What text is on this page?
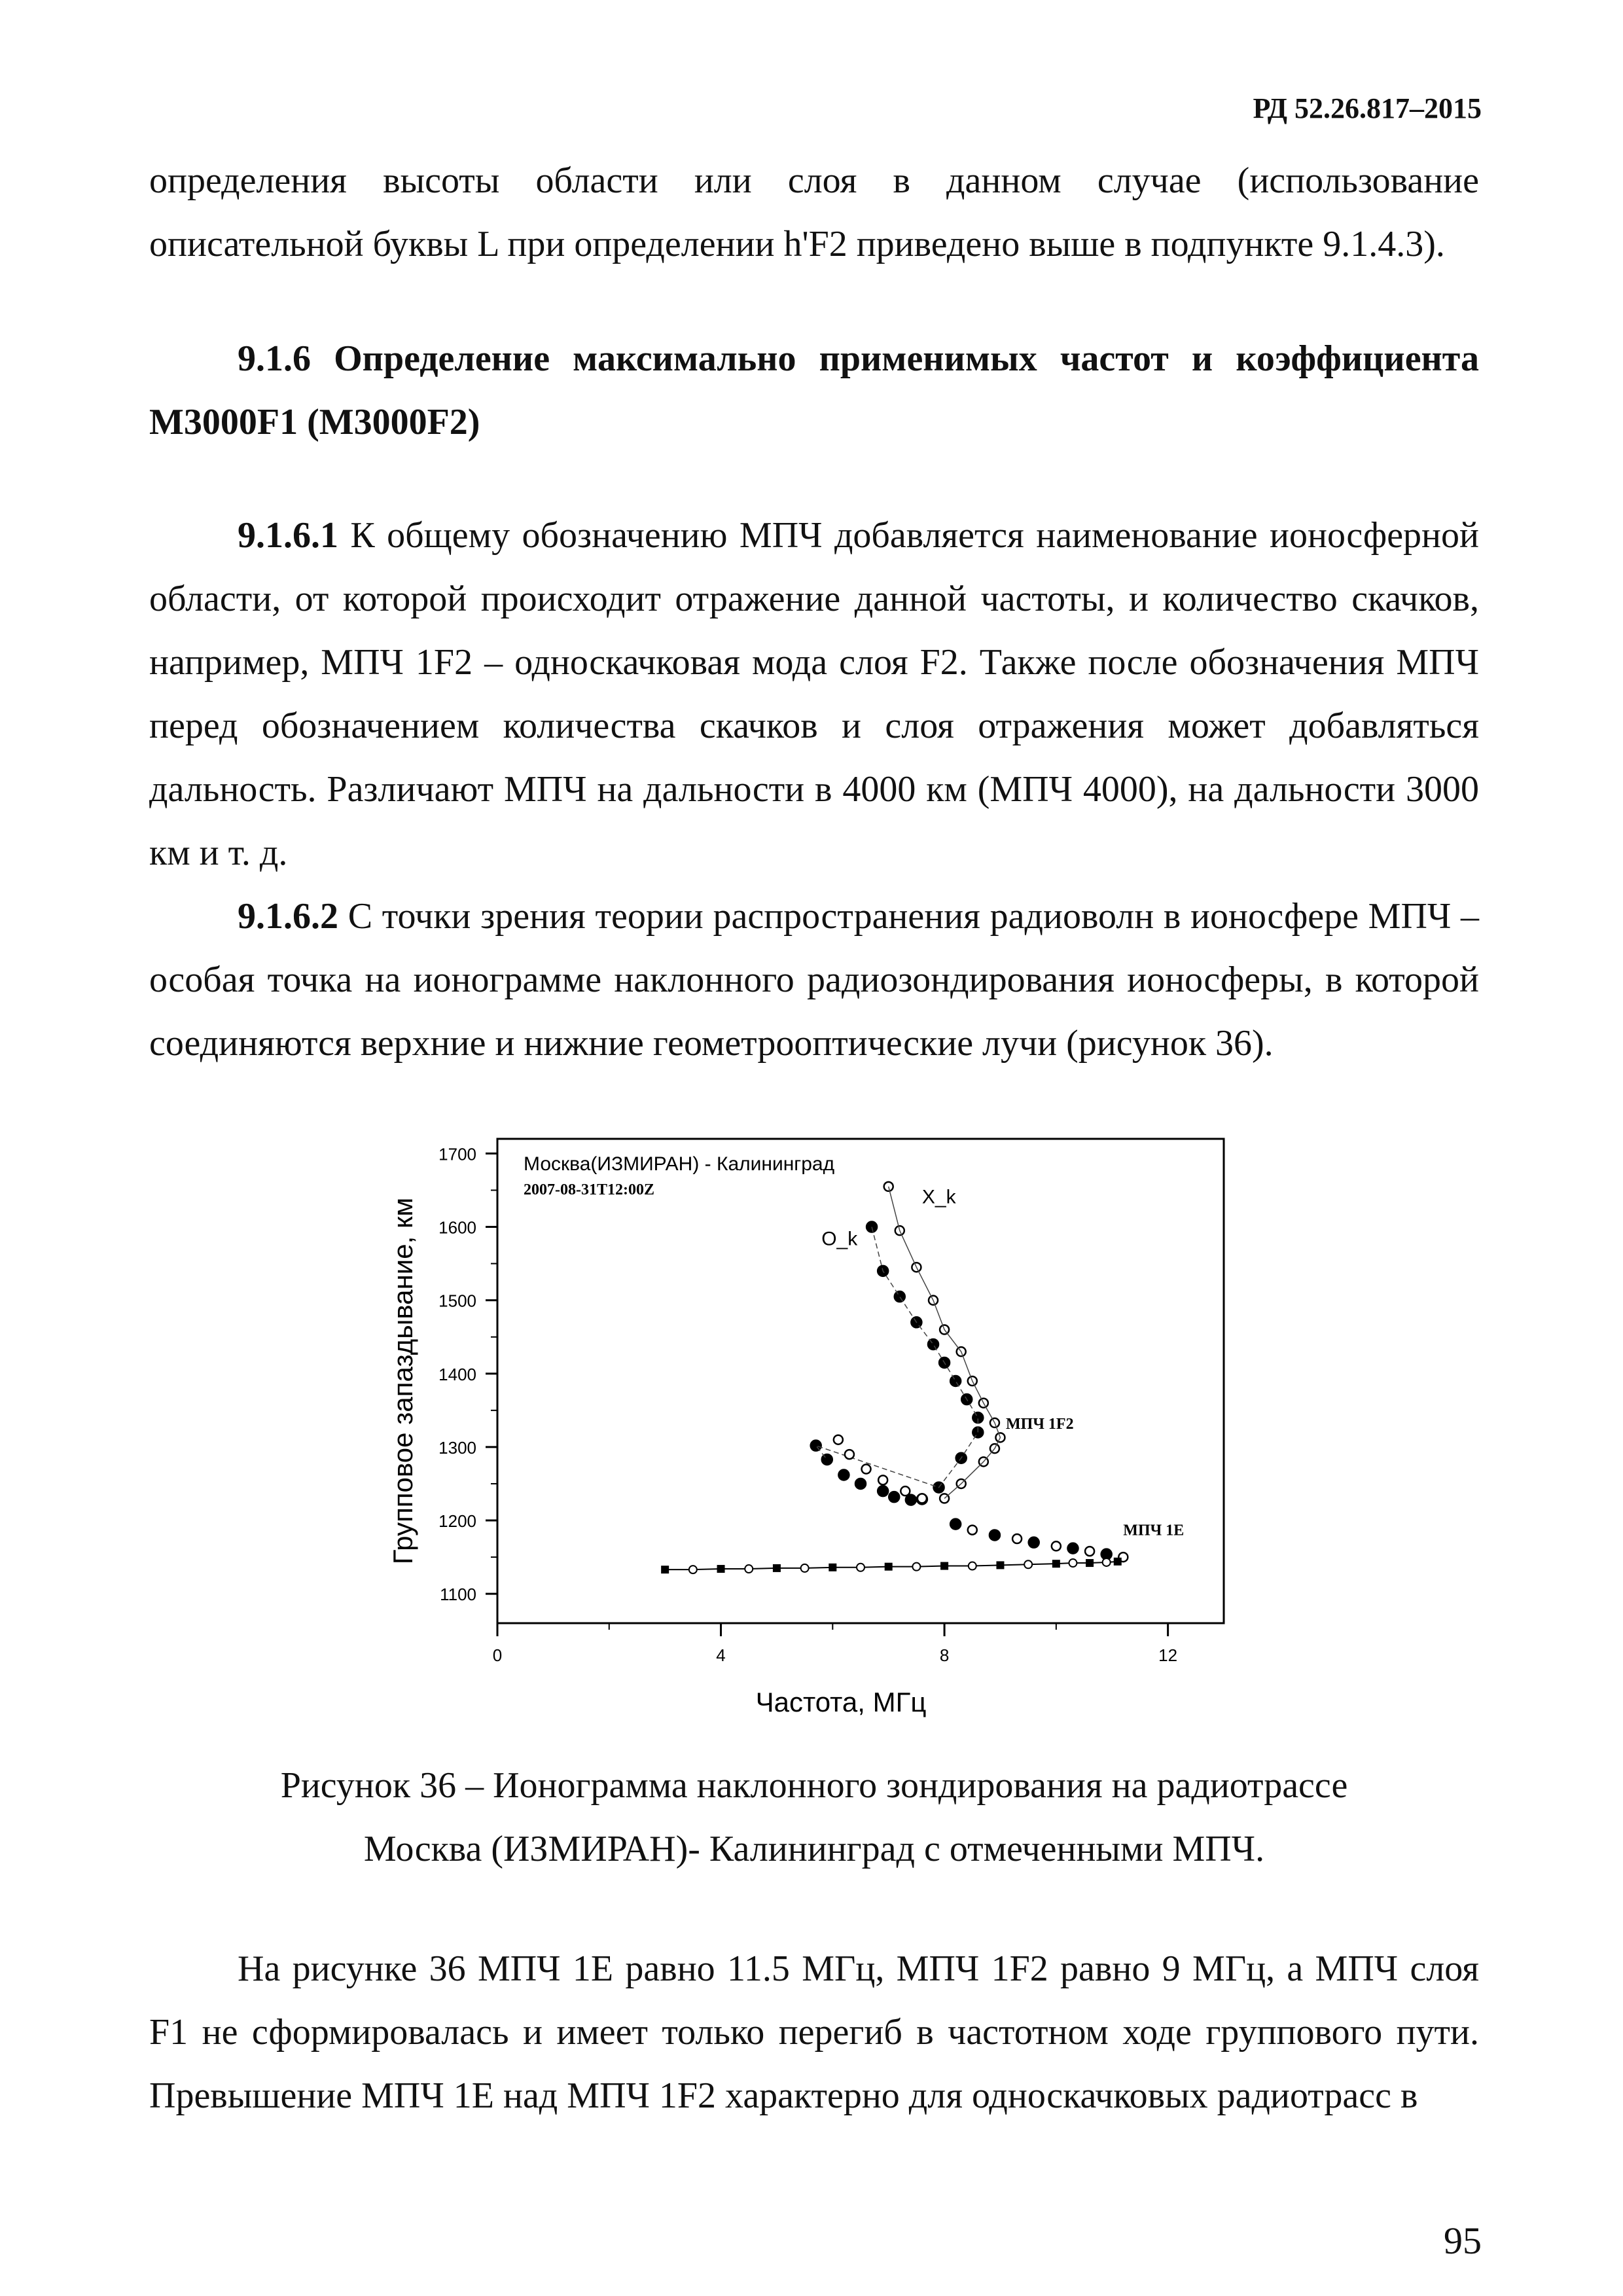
РД 52.26.817–2015

определения высоты области или слоя в данном случае (использование описательной буквы L при определении h'F2 приведено выше в подпункте 9.1.4.3).

9.1.6 Определение максимально применимых частот и коэффициента
M3000F1 (M3000F2)

9.1.6.1 К общему обозначению МПЧ добавляется наименование ионосферной области, от которой происходит отражение данной частоты, и количество скачков, например, МПЧ 1F2 – односкачковая мода слоя F2. Также после обозначения МПЧ перед обозначением количества скачков и слоя отражения может добавляться дальность. Различают МПЧ на дальности в 4000 км (МПЧ 4000), на дальности 3000 км и т. д.

9.1.6.2 С точки зрения теории распространения радиоволн в ионосфере МПЧ – особая точка на ионограмме наклонного радиозондирования ионосферы, в которой соединяются верхние и нижние геометрооптические лучи (рисунок 36).

1100
1200
1300
1400
1500
1600
1700
0	4	8	12
Частота, МГц
Групповое запаздывание, км
Москва(ИЗМИРАН) - Калининград
2007-08-31T12:00Z	X_k
O_k
МПЧ 1F2
МПЧ 1E
Рисунок 36 – Ионограмма наклонного зондирования на радиотрассе
Москва (ИЗМИРАН)- Калининград с отмеченными МПЧ.

На рисунке 36 МПЧ 1Е равно 11.5 МГц, МПЧ 1F2 равно 9 МГц, а МПЧ слоя F1 не сформировалась и имеет только перегиб в частотном ходе группового пути. Превышение МПЧ 1Е над МПЧ 1F2 характерно для односкачковых радиотрасс в

95
